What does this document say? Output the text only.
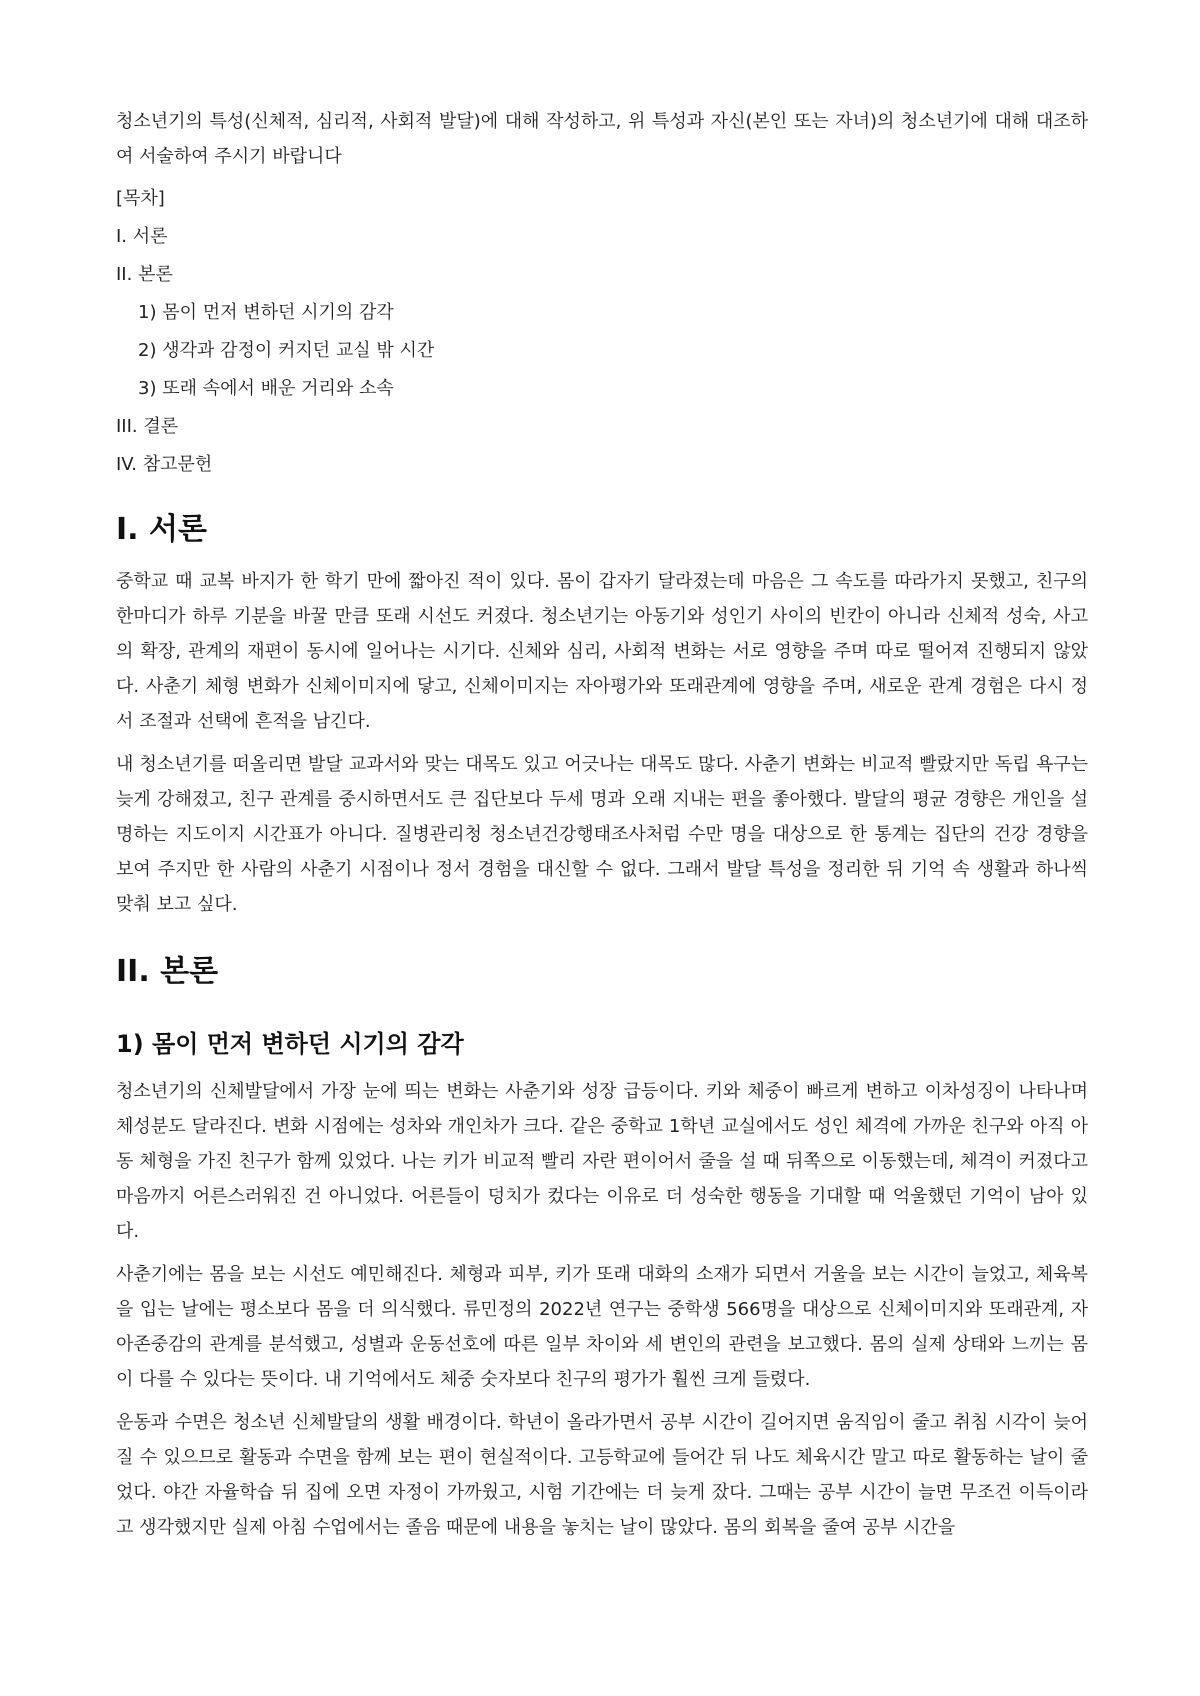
청소년기의 특성(신체적, 심리적, 사회적 발달)에 대해 작성하고, 위 특성과 자신(본인 또는 자녀)의 청소년기에 대해 대조하여 서술하여 주시기 바랍니다

[목차]
I. 서론
II. 본론
1) 몸이 먼저 변하던 시기의 감각
2) 생각과 감정이 커지던 교실 밖 시간
3) 또래 속에서 배운 거리와 소속
III. 결론
IV. 참고문헌
I. 서론

중학교 때 교복 바지가 한 학기 만에 짧아진 적이 있다. 몸이 갑자기 달라졌는데 마음은 그 속도를 따라가지 못했고, 친구의 한마디가 하루 기분을 바꿀 만큼 또래 시선도 커졌다. 청소년기는 아동기와 성인기 사이의 빈칸이 아니라 신체적 성숙, 사고의 확장, 관계의 재편이 동시에 일어나는 시기다. 신체와 심리, 사회적 변화는 서로 영향을 주며 따로 떨어져 진행되지 않았다. 사춘기 체형 변화가 신체이미지에 닿고, 신체이미지는 자아평가와 또래관계에 영향을 주며, 새로운 관계 경험은 다시 정서 조절과 선택에 흔적을 남긴다.

내 청소년기를 떠올리면 발달 교과서와 맞는 대목도 있고 어긋나는 대목도 많다. 사춘기 변화는 비교적 빨랐지만 독립 욕구는 늦게 강해졌고, 친구 관계를 중시하면서도 큰 집단보다 두세 명과 오래 지내는 편을 좋아했다. 발달의 평균 경향은 개인을 설명하는 지도이지 시간표가 아니다. 질병관리청 청소년건강행태조사처럼 수만 명을 대상으로 한 통계는 집단의 건강 경향을 보여 주지만 한 사람의 사춘기 시점이나 정서 경험을 대신할 수 없다. 그래서 발달 특성을 정리한 뒤 기억 속 생활과 하나씩 맞춰 보고 싶다.

II. 본론
1) 몸이 먼저 변하던 시기의 감각

청소년기의 신체발달에서 가장 눈에 띄는 변화는 사춘기와 성장 급등이다. 키와 체중이 빠르게 변하고 이차성징이 나타나며 체성분도 달라진다. 변화 시점에는 성차와 개인차가 크다. 같은 중학교 1학년 교실에서도 성인 체격에 가까운 친구와 아직 아동 체형을 가진 친구가 함께 있었다. 나는 키가 비교적 빨리 자란 편이어서 줄을 설 때 뒤쪽으로 이동했는데, 체격이 커졌다고 마음까지 어른스러워진 건 아니었다. 어른들이 덩치가 컸다는 이유로 더 성숙한 행동을 기대할 때 억울했던 기억이 남아 있다.

사춘기에는 몸을 보는 시선도 예민해진다. 체형과 피부, 키가 또래 대화의 소재가 되면서 거울을 보는 시간이 늘었고, 체육복을 입는 날에는 평소보다 몸을 더 의식했다. 류민정의 2022년 연구는 중학생 566명을 대상으로 신체이미지와 또래관계, 자아존중감의 관계를 분석했고, 성별과 운동선호에 따른 일부 차이와 세 변인의 관련을 보고했다. 몸의 실제 상태와 느끼는 몸이 다를 수 있다는 뜻이다. 내 기억에서도 체중 숫자보다 친구의 평가가 훨씬 크게 들렸다.

운동과 수면은 청소년 신체발달의 생활 배경이다. 학년이 올라가면서 공부 시간이 길어지면 움직임이 줄고 취침 시각이 늦어질 수 있으므로 활동과 수면을 함께 보는 편이 현실적이다. 고등학교에 들어간 뒤 나도 체육시간 말고 따로 활동하는 날이 줄었다. 야간 자율학습 뒤 집에 오면 자정이 가까웠고, 시험 기간에는 더 늦게 잤다. 그때는 공부 시간이 늘면 무조건 이득이라고 생각했지만 실제 아침 수업에서는 졸음 때문에 내용을 놓치는 날이 많았다. 몸의 회복을 줄여 공부 시간을
